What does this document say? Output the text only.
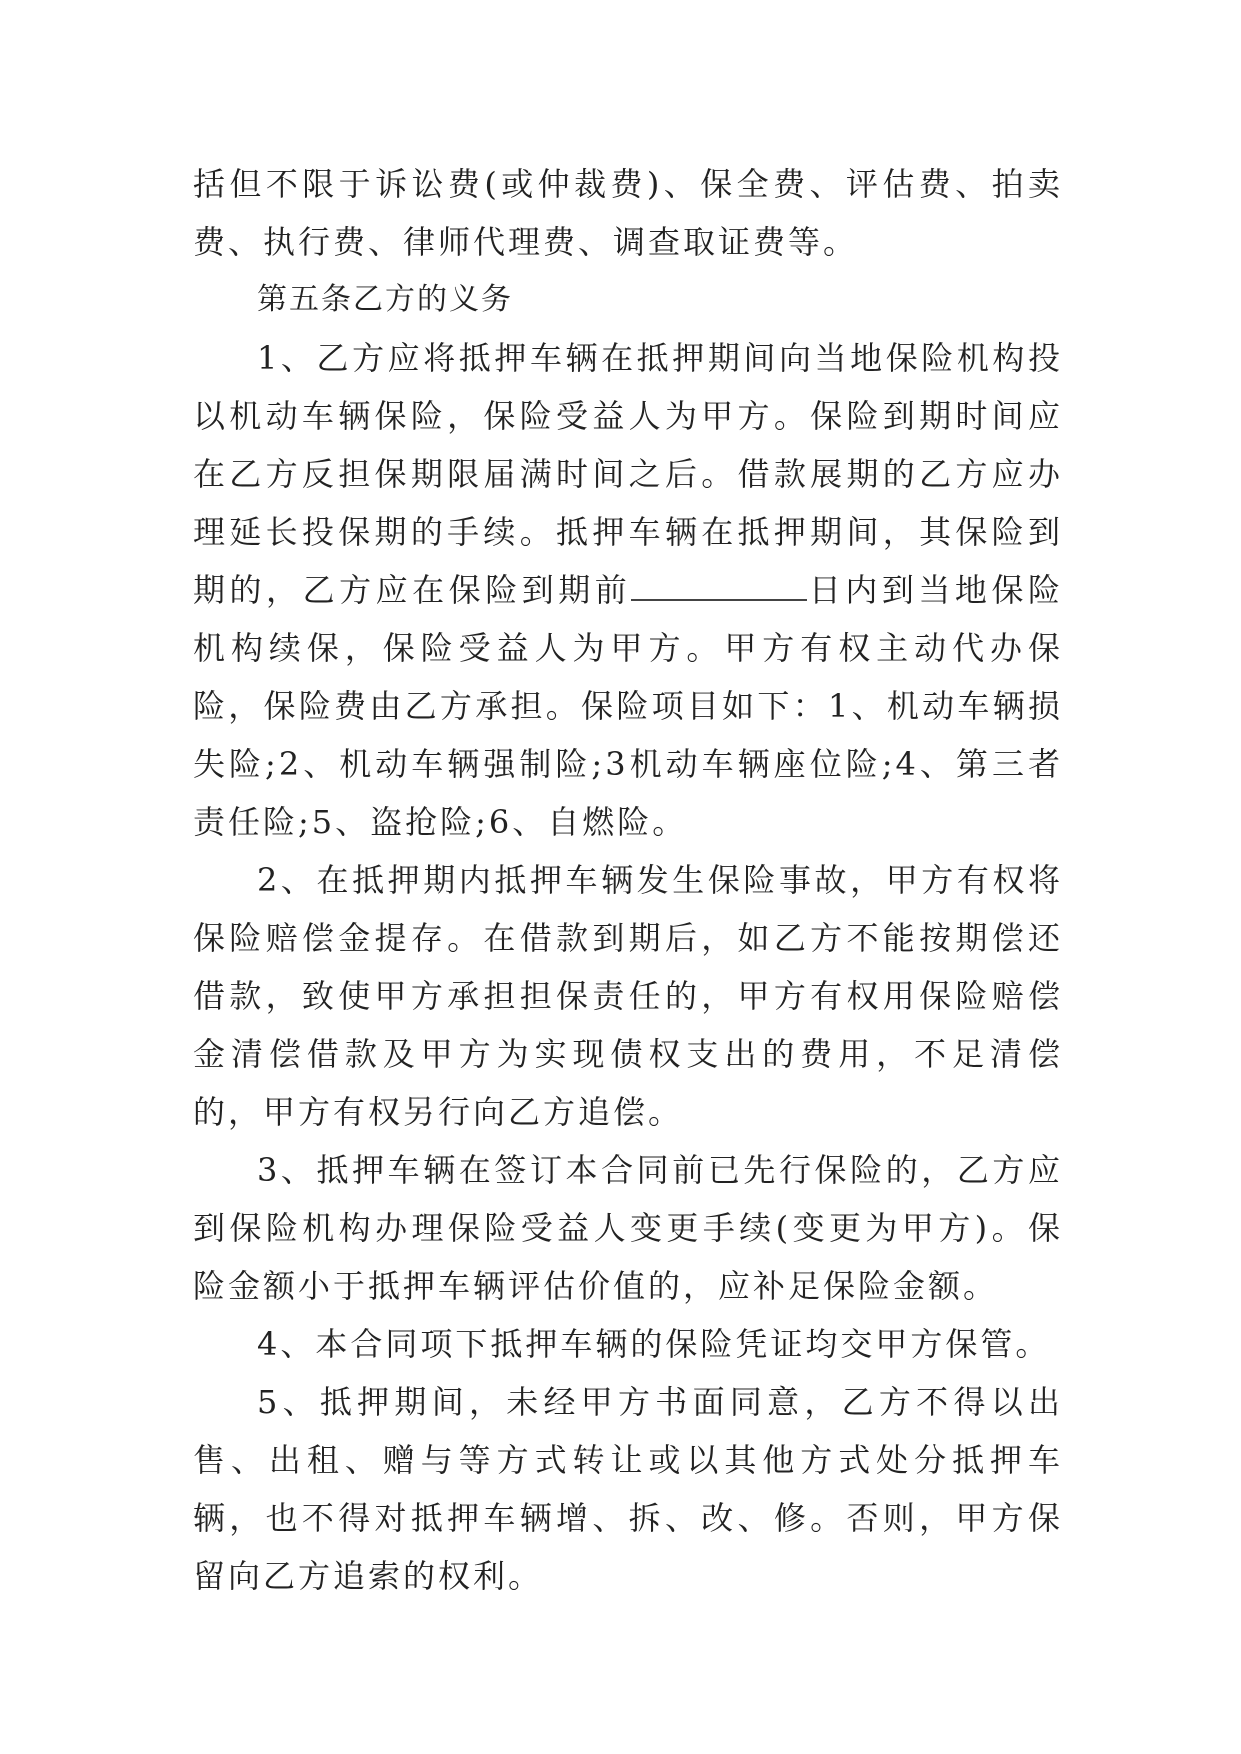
括但不限于诉讼费(或仲裁费)、保全费、评估费、拍卖费、执行费、律师代理费、调查取证费等。

第五条乙方的义务

1、乙方应将抵押车辆在抵押期间向当地保险机构投以机动车辆保险，保险受益人为甲方。保险到期时间应在乙方反担保期限届满时间之后。借款展期的乙方应办理延长投保期的手续。抵押车辆在抵押期间，其保险到期的，乙方应在保险到期前	日内到当地保险机构续保，保险受益人为甲方。甲方有权主动代办保险，保险费由乙方承担。保险项目如下：1、机动车辆损失险;2、机动车辆强制险;3机动车辆座位险;4、第三者责任险;5、盗抢险;6、自燃险。

2、在抵押期内抵押车辆发生保险事故，甲方有权将保险赔偿金提存。在借款到期后，如乙方不能按期偿还借款，致使甲方承担担保责任的，甲方有权用保险赔偿金清偿借款及甲方为实现债权支出的费用，不足清偿的，甲方有权另行向乙方追偿。

3、抵押车辆在签订本合同前已先行保险的，乙方应到保险机构办理保险受益人变更手续(变更为甲方)。保险金额小于抵押车辆评估价值的，应补足保险金额。

4、本合同项下抵押车辆的保险凭证均交甲方保管。

5、抵押期间，未经甲方书面同意，乙方不得以出售、出租、赠与等方式转让或以其他方式处分抵押车辆，也不得对抵押车辆增、拆、改、修。否则，甲方保留向乙方追索的权利。
